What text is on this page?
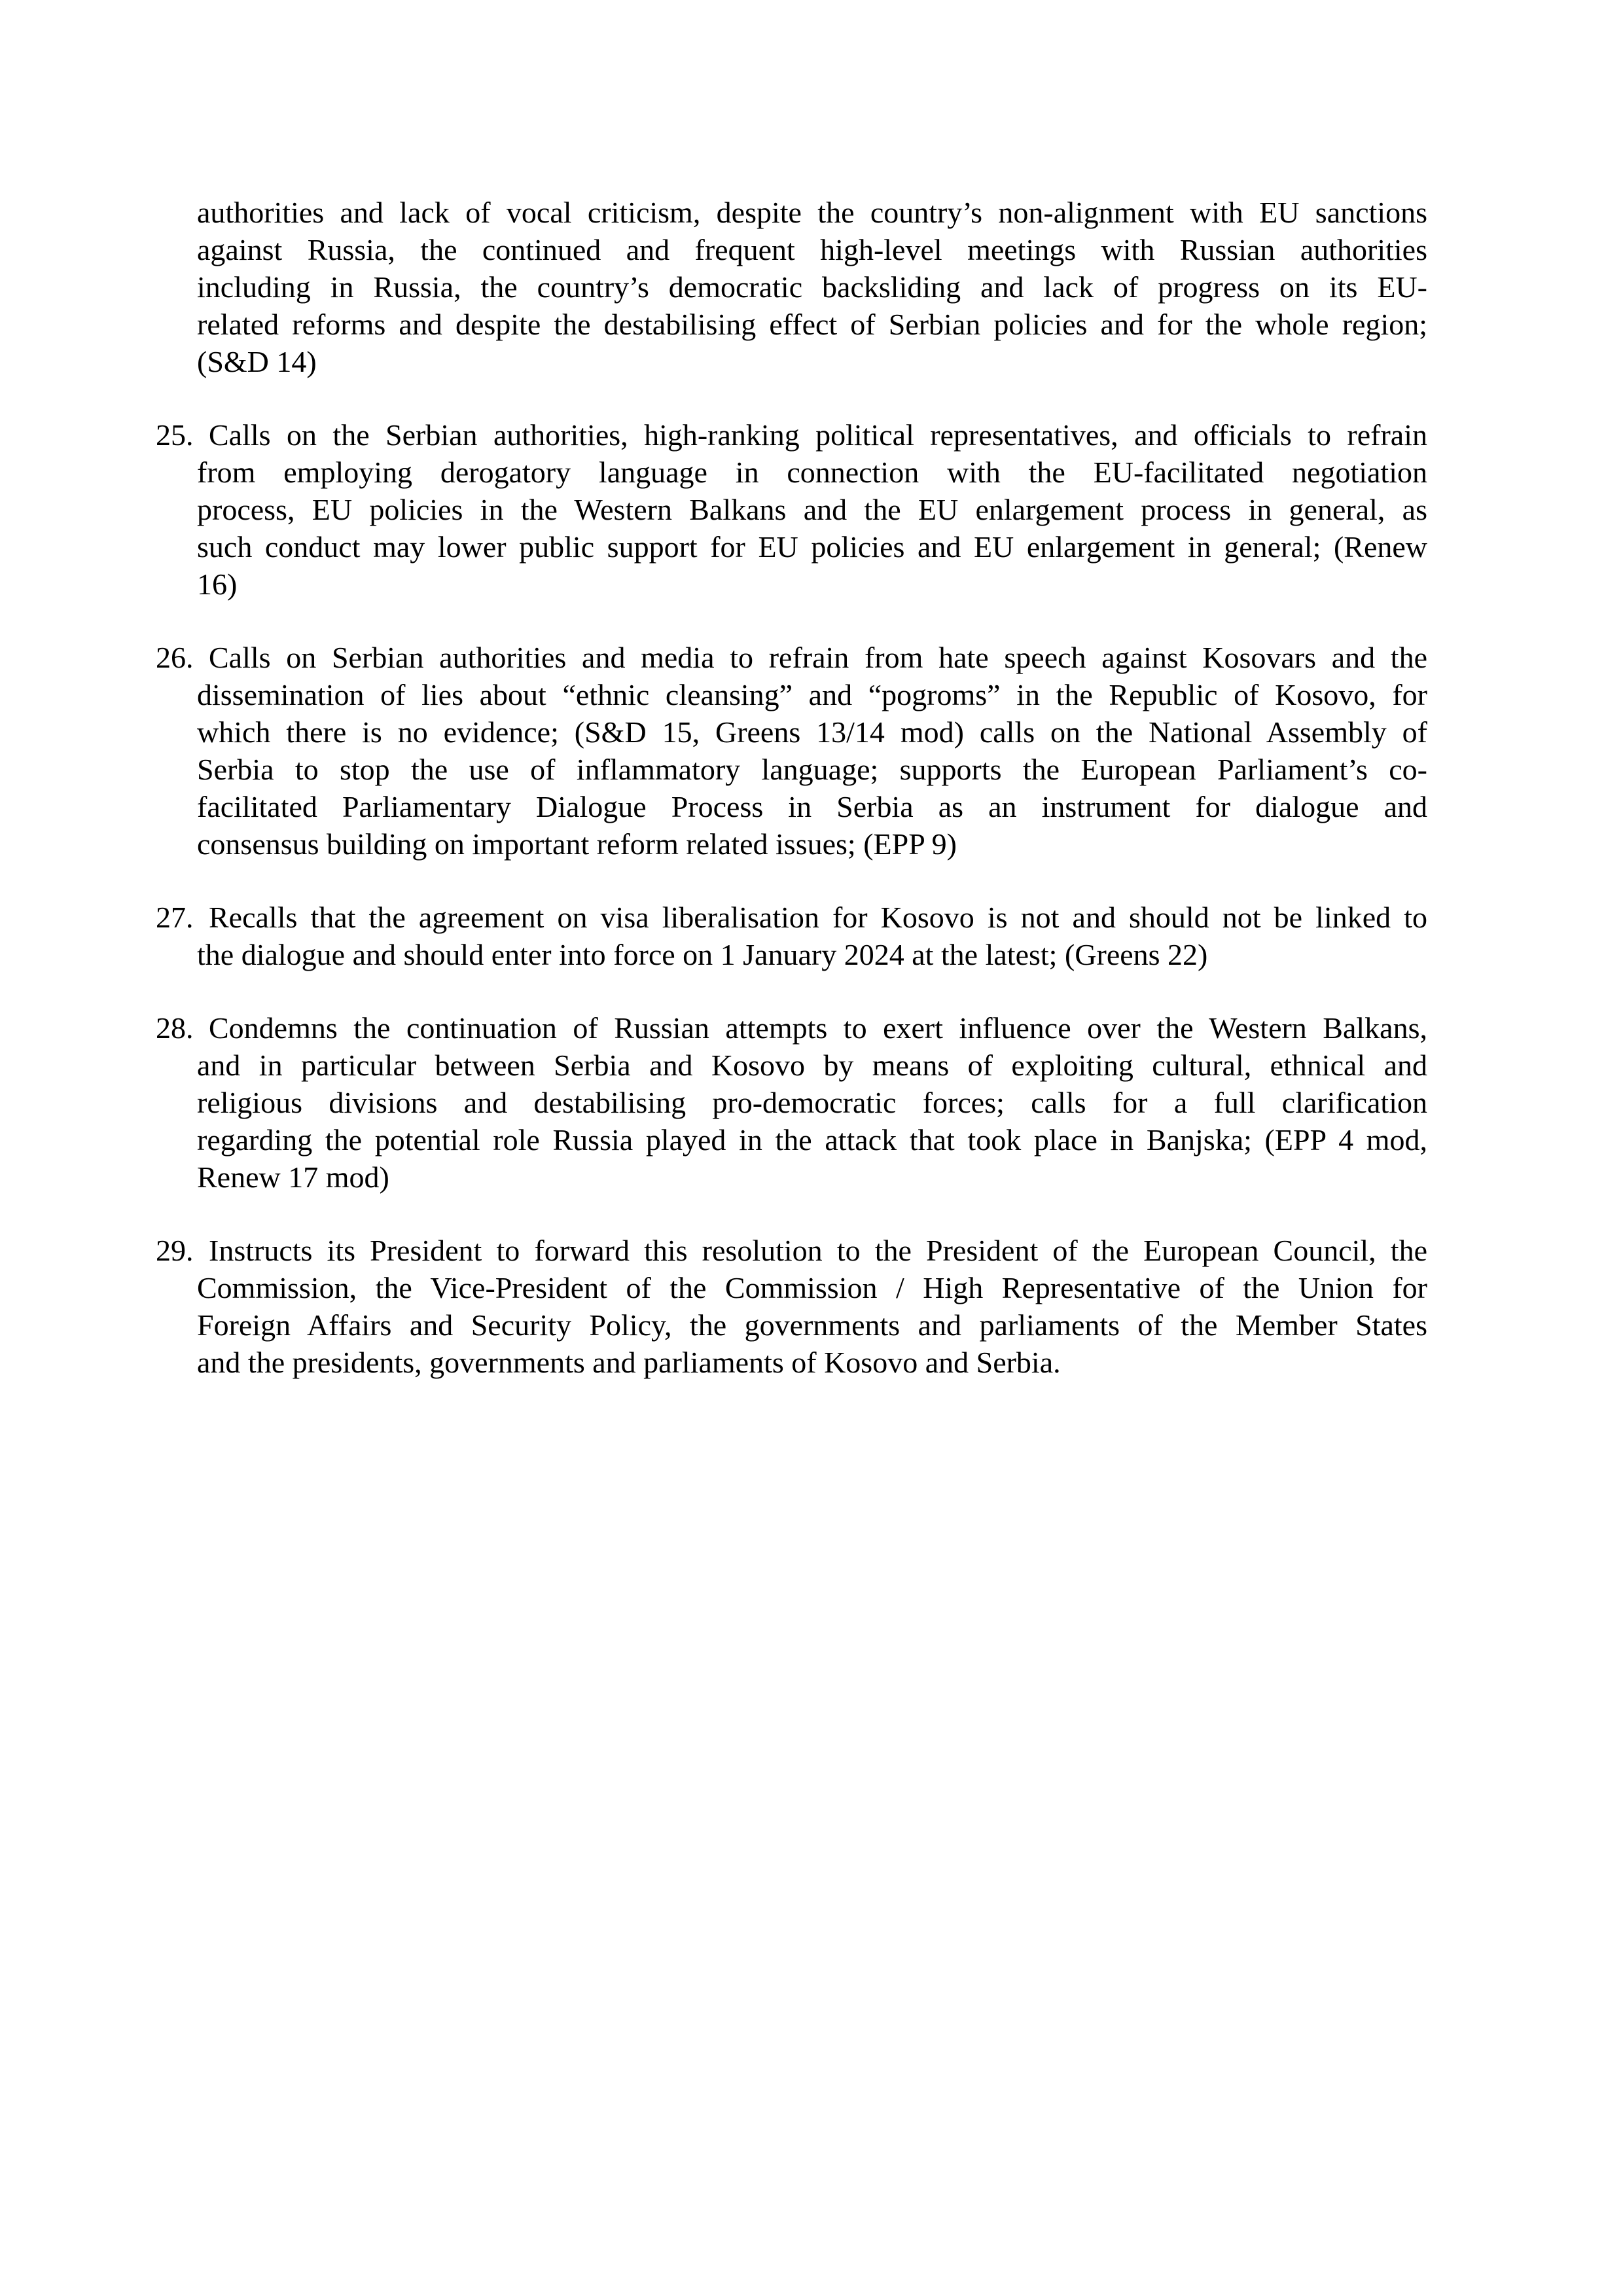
authorities and lack of vocal criticism, despite the country’s non-alignment with EU sanctions
against Russia, the continued and frequent high-level meetings with Russian authorities
including in Russia, the country’s democratic backsliding and lack of progress on its EU-
related reforms and despite the destabilising effect of Serbian policies and for the whole region;
(S&D 14)
25. Calls on the Serbian authorities, high-ranking political representatives, and officials to refrain
from employing derogatory language in connection with the EU-facilitated negotiation
process, EU policies in the Western Balkans and the EU enlargement process in general, as
such conduct may lower public support for EU policies and EU enlargement in general; (Renew
16)
26. Calls on Serbian authorities and media to refrain from hate speech against Kosovars and the
dissemination of lies about “ethnic cleansing” and “pogroms” in the Republic of Kosovo, for
which there is no evidence; (S&D 15, Greens 13/14 mod) calls on the National Assembly of
Serbia to stop the use of inflammatory language; supports the European Parliament’s co-
facilitated Parliamentary Dialogue Process in Serbia as an instrument for dialogue and
consensus building on important reform related issues; (EPP 9)
27. Recalls that the agreement on visa liberalisation for Kosovo is not and should not be linked to
the dialogue and should enter into force on 1 January 2024 at the latest; (Greens 22)
28. Condemns the continuation of Russian attempts to exert influence over the Western Balkans,
and in particular between Serbia and Kosovo by means of exploiting cultural, ethnical and
religious divisions and destabilising pro-democratic forces; calls for a full clarification
regarding the potential role Russia played in the attack that took place in Banjska; (EPP 4 mod,
Renew 17 mod)
29. Instructs its President to forward this resolution to the President of the European Council, the
Commission, the Vice-President of the Commission / High Representative of the Union for
Foreign Affairs and Security Policy, the governments and parliaments of the Member States
and the presidents, governments and parliaments of Kosovo and Serbia.
